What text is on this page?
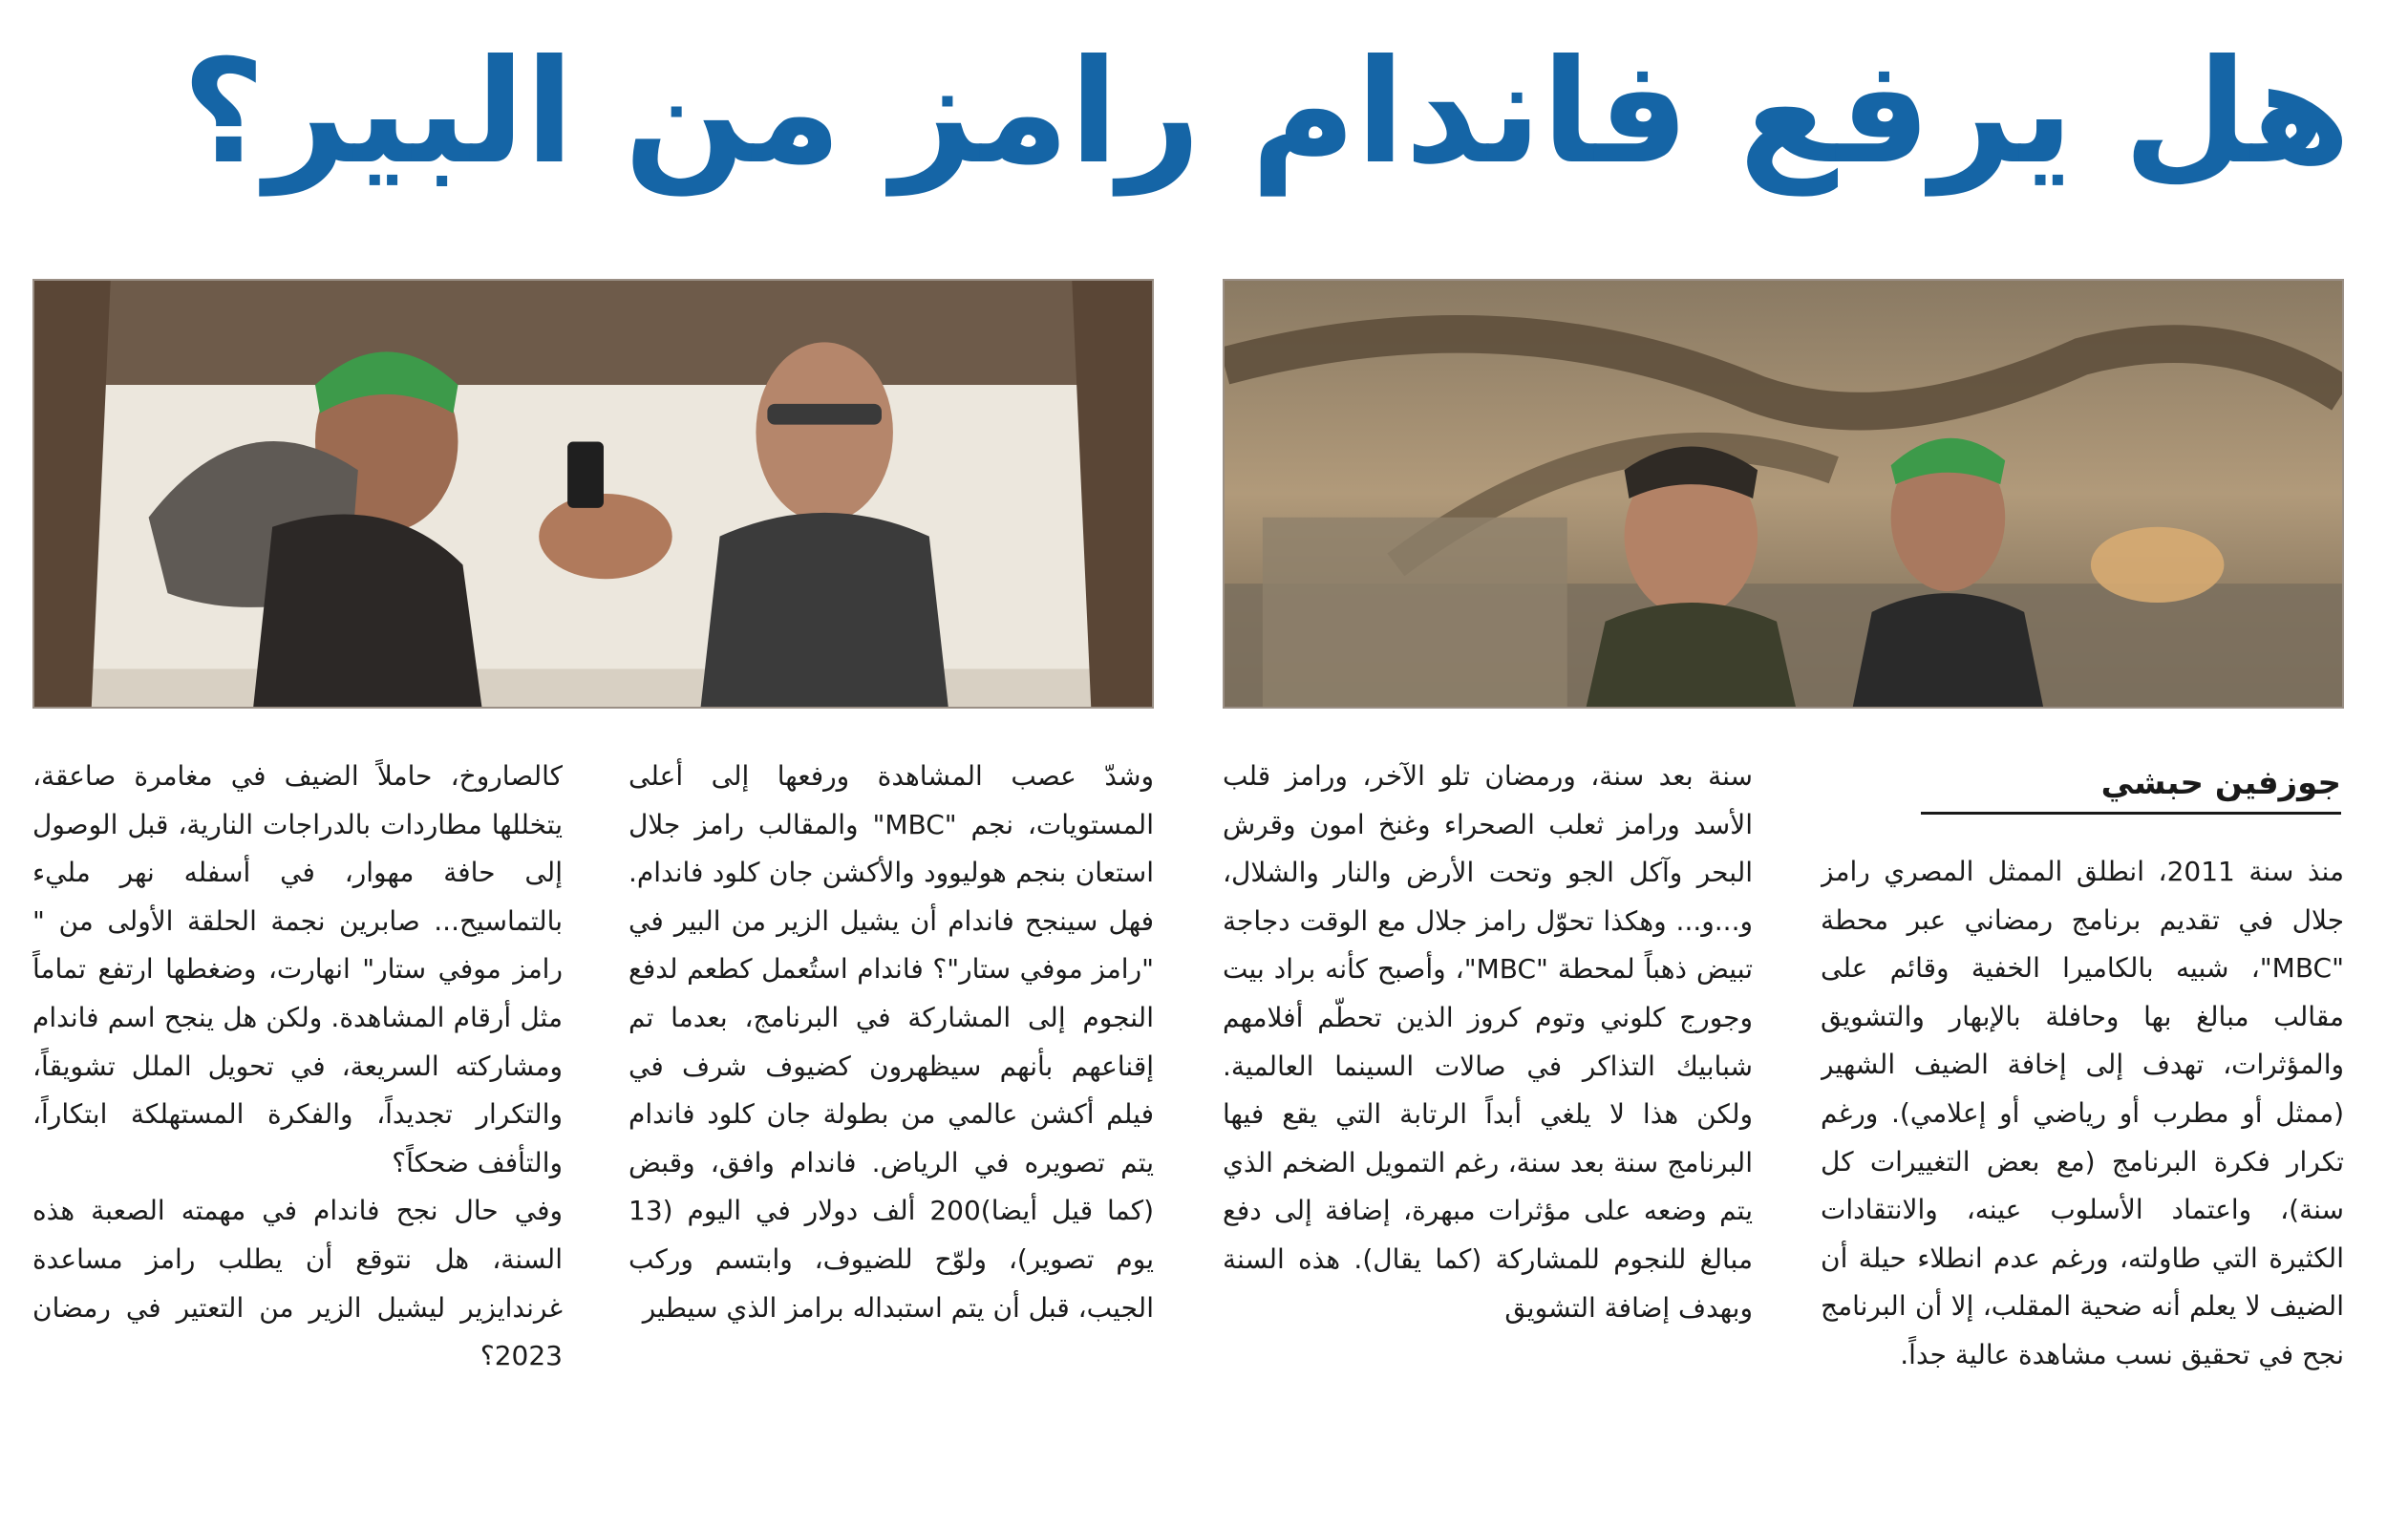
هل يرفع فاندام رامز من البير؟
جوزفين حبشي

منذ سنة 2011، انطلق الممثل المصري رامز جلال في تقديم برنامج رمضاني عبر محطة "MBC"، شبيه بالكاميرا الخفية وقائم على مقالب مبالغ بها وحافلة بالإبهار والتشويق والمؤثرات، تهدف إلى إخافة الضيف الشهير (ممثل أو مطرب أو رياضي أو إعلامي). ورغم تكرار فكرة البرنامج (مع بعض التغييرات كل سنة)، واعتماد الأسلوب عينه، والانتقادات الكثيرة التي طاولته، ورغم عدم انطلاء حيلة أن الضيف لا يعلم أنه ضحية المقلب، إلا أن البرنامج نجح في تحقيق نسب مشاهدة عالية جداً.

سنة بعد سنة، ورمضان تلو الآخر، ورامز قلب الأسد ورامز ثعلب الصحراء وغنخ امون وقرش البحر وآكل الجو وتحت الأرض والنار والشلال، و...و... وهكذا تحوّل رامز جلال مع الوقت دجاجة تبيض ذهباً لمحطة "MBC"، وأصبح كأنه براد بيت وجورج كلوني وتوم كروز الذين تحطّم أفلامهم شبابيك التذاكر في صالات السينما العالمية. ولكن هذا لا يلغي أبداً الرتابة التي يقع فيها البرنامج سنة بعد سنة، رغم التمويل الضخم الذي يتم وضعه على مؤثرات مبهرة، إضافة إلى دفع مبالغ للنجوم للمشاركة (كما يقال). هذه السنة وبهدف إضافة التشويق

وشدّ عصب المشاهدة ورفعها إلى أعلى المستويات، نجم "MBC" والمقالب رامز جلال استعان بنجم هوليوود والأكشن جان كلود فاندام. فهل سينجح فاندام أن يشيل الزير من البير في "رامز موفي ستار"؟ فاندام استُعمل كطعم لدفع النجوم إلى المشاركة في البرنامج، بعدما تم إقناعهم بأنهم سيظهرون كضيوف شرف في فيلم أكشن عالمي من بطولة جان كلود فاندام يتم تصويره في الرياض. فاندام وافق، وقبض (كما قيل أيضا)200 ألف دولار في اليوم (13 يوم تصوير)، ولوّح للضيوف، وابتسم وركب الجيب، قبل أن يتم استبداله برامز الذي سيطير

كالصاروخ، حاملاً الضيف في مغامرة صاعقة، يتخللها مطاردات بالدراجات النارية، قبل الوصول إلى حافة مهوار، في أسفله نهر مليء بالتماسيح... صابرين نجمة الحلقة الأولى من " رامز موفي ستار" انهارت، وضغطها ارتفع تماماً مثل أرقام المشاهدة. ولكن هل ينجح اسم فاندام ومشاركته السريعة، في تحويل الملل تشويقاً، والتكرار تجديداً، والفكرة المستهلكة ابتكاراً، والتأفف ضحكاً؟

وفي حال نجح فاندام في مهمته الصعبة هذه السنة، هل نتوقع أن يطلب رامز مساعدة غرندايزير ليشيل الزير من التعتير في رمضان 2023؟
